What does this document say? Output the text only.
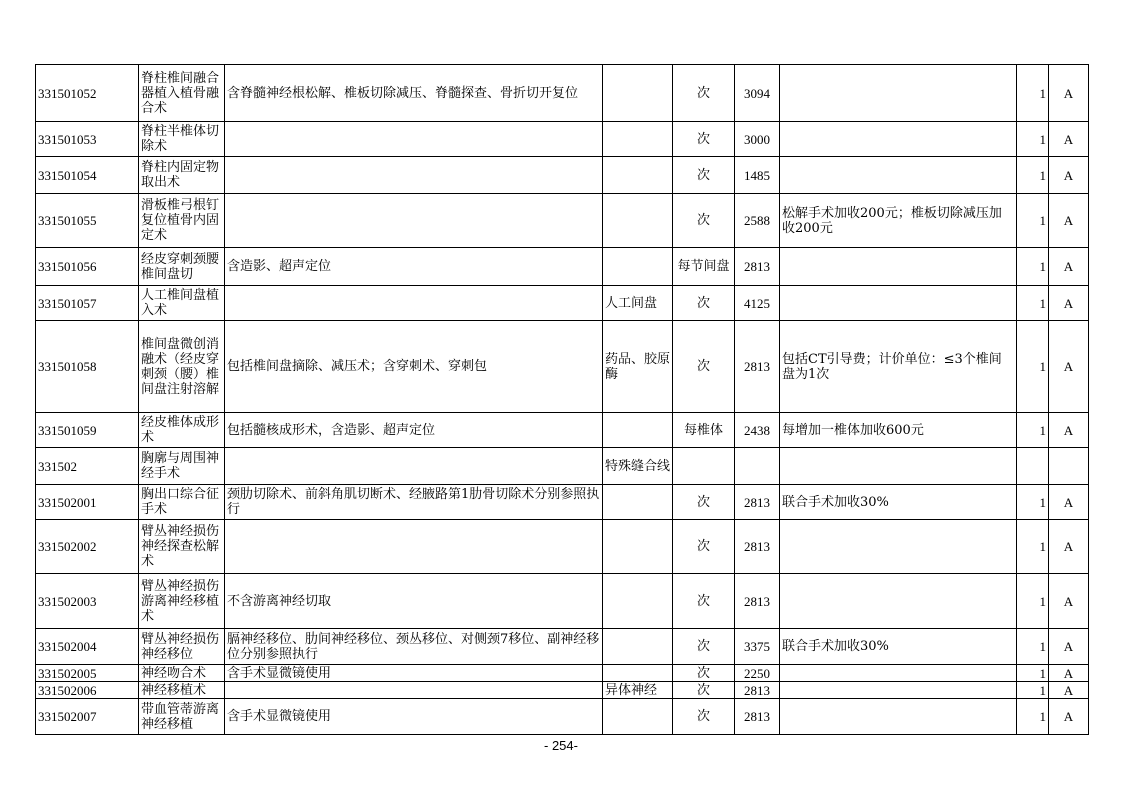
331501052	脊柱椎间融合器植入植骨融合术	含脊髓神经根松解、椎板切除减压、脊髓探查、骨折切开复位		次	3094		1	A
331501053	脊柱半椎体切除术			次	3000		1	A
331501054	脊柱内固定物取出术			次	1485		1	A
331501055	滑板椎弓根钉复位植骨内固定术			次	2588	松解手术加收200元；椎板切除减压加收200元	1	A
331501056	经皮穿刺颈腰椎间盘切	含造影、超声定位		每节间盘	2813		1	A
331501057	人工椎间盘植入术		人工间盘	次	4125		1	A
331501058	椎间盘微创消融术（经皮穿刺颈（腰）椎间盘注射溶解	包括椎间盘摘除、减压术；含穿刺术、穿刺包	药品、胶原酶	次	2813	包括CT引导费；计价单位：≤3个椎间盘为1次	1	A
331501059	经皮椎体成形术	包括髓核成形术，含造影、超声定位		每椎体	2438	每增加一椎体加收600元	1	A
331502	胸廓与周围神经手术		特殊缝合线					
331502001	胸出口综合征手术	颈肋切除术、前斜角肌切断术、经腋路第1肋骨切除术分别参照执行		次	2813	联合手术加收30%	1	A
331502002	臂丛神经损伤神经探查松解术			次	2813		1	A
331502003	臂丛神经损伤游离神经移植术	不含游离神经切取		次	2813		1	A
331502004	臂丛神经损伤神经移位	膈神经移位、肋间神经移位、颈丛移位、对侧颈7移位、副神经移位分别参照执行		次	3375	联合手术加收30%	1	A
331502005	神经吻合术	含手术显微镜使用		次	2250		1	A
331502006	神经移植术		异体神经	次	2813		1	A
331502007	带血管蒂游离神经移植	含手术显微镜使用		次	2813		1	A
- 254-
